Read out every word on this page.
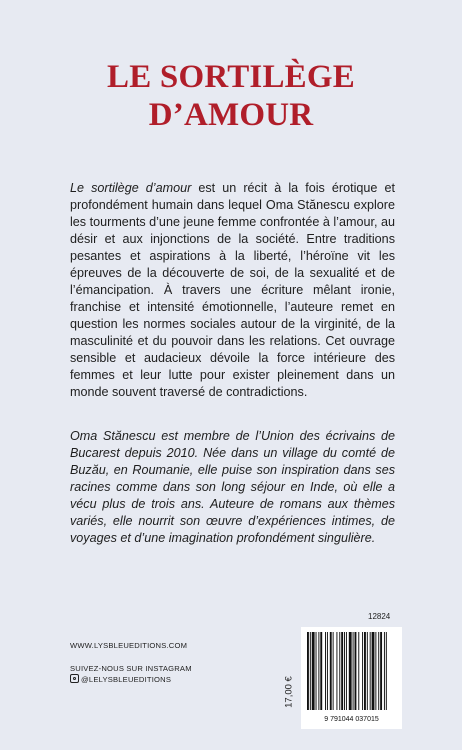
LE SORTILÈGE
D’AMOUR
Le sortilège d’amour est un récit à la fois érotique et profondément humain dans lequel Oma Stănescu explore les tourments d’une jeune femme confrontée à l’amour, au désir et aux injonctions de la société. Entre traditions pesantes et aspirations à la liberté, l’héroïne vit les épreuves de la découverte de soi, de la sexualité et de l’émancipation. À travers une écriture mêlant ironie, franchise et intensité émotionnelle, l’auteure remet en question les normes sociales autour de la virginité, de la masculinité et du pouvoir dans les relations. Cet ouvrage sensible et audacieux dévoile la force intérieure des femmes et leur lutte pour exister pleinement dans un monde souvent traversé de contradictions.
Oma Stănescu est membre de l’Union des écrivains de Bucarest depuis 2010. Née dans un village du comté de Buzău, en Roumanie, elle puise son inspiration dans ses racines comme dans son long séjour en Inde, où elle a vécu plus de trois ans. Auteure de romans aux thèmes variés, elle nourrit son œuvre d’expériences intimes, de voyages et d’une imagination profondément singulière.
WWW.LYSBLEUEDITIONS.COM
SUIVEZ-NOUS SUR INSTAGRAM
@LELYSBLEUEDITIONS
12824
17,00 €
9 791044 037015
